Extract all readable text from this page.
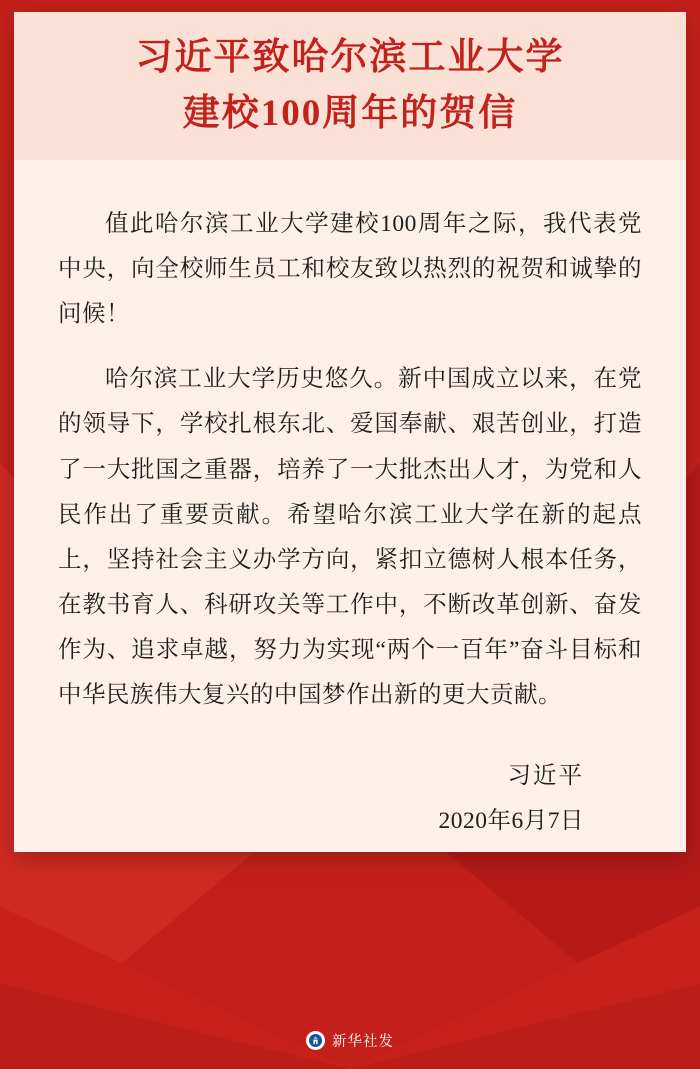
习近平致哈尔滨工业大学
建校100周年的贺信

值此哈尔滨工业大学建校100周年之际，我代表党中央，向全校师生员工和校友致以热烈的祝贺和诚挚的问候！

哈尔滨工业大学历史悠久。新中国成立以来，在党的领导下，学校扎根东北、爱国奉献、艰苦创业，打造了一大批国之重器，培养了一大批杰出人才，为党和人民作出了重要贡献。希望哈尔滨工业大学在新的起点上，坚持社会主义办学方向，紧扣立德树人根本任务，在教书育人、科研攻关等工作中，不断改革创新、奋发作为、追求卓越，努力为实现“两个一百年”奋斗目标和中华民族伟大复兴的中国梦作出新的更大贡献。

习近平
2020年6月7日
新华社发
